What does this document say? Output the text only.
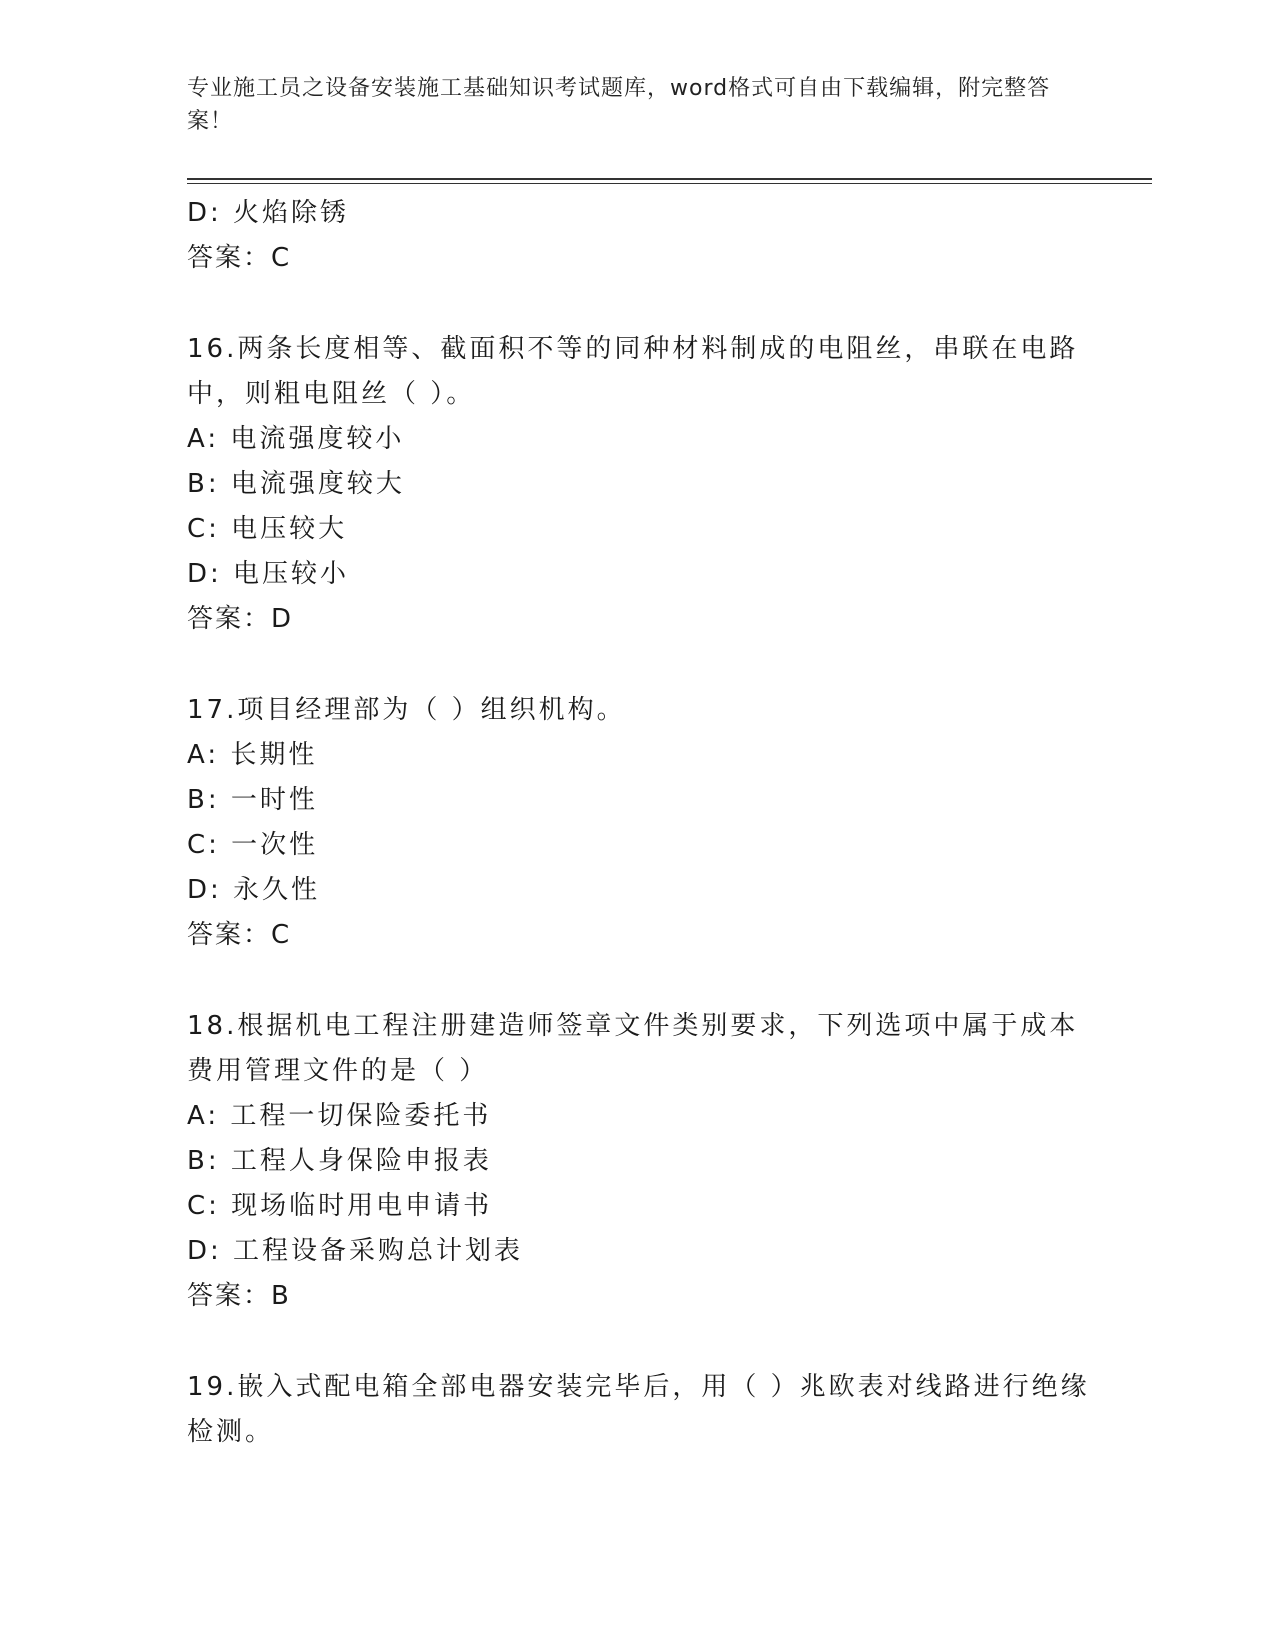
专业施工员之设备安装施工基础知识考试题库，word格式可自由下载编辑，附完整答案！
D: 火焰除锈
答案：C
16.两条长度相等、截面积不等的同种材料制成的电阻丝，串联在电路中，则粗电阻丝（ ）。
A: 电流强度较小
B: 电流强度较大
C: 电压较大
D: 电压较小
答案：D
17.项目经理部为（ ）组织机构。
A: 长期性
B: 一时性
C: 一次性
D: 永久性
答案：C
18.根据机电工程注册建造师签章文件类别要求，下列选项中属于成本费用管理文件的是（ ）
A: 工程一切保险委托书
B: 工程人身保险申报表
C: 现场临时用电申请书
D: 工程设备采购总计划表
答案：B
19.嵌入式配电箱全部电器安装完毕后，用（ ）兆欧表对线路进行绝缘检测。
